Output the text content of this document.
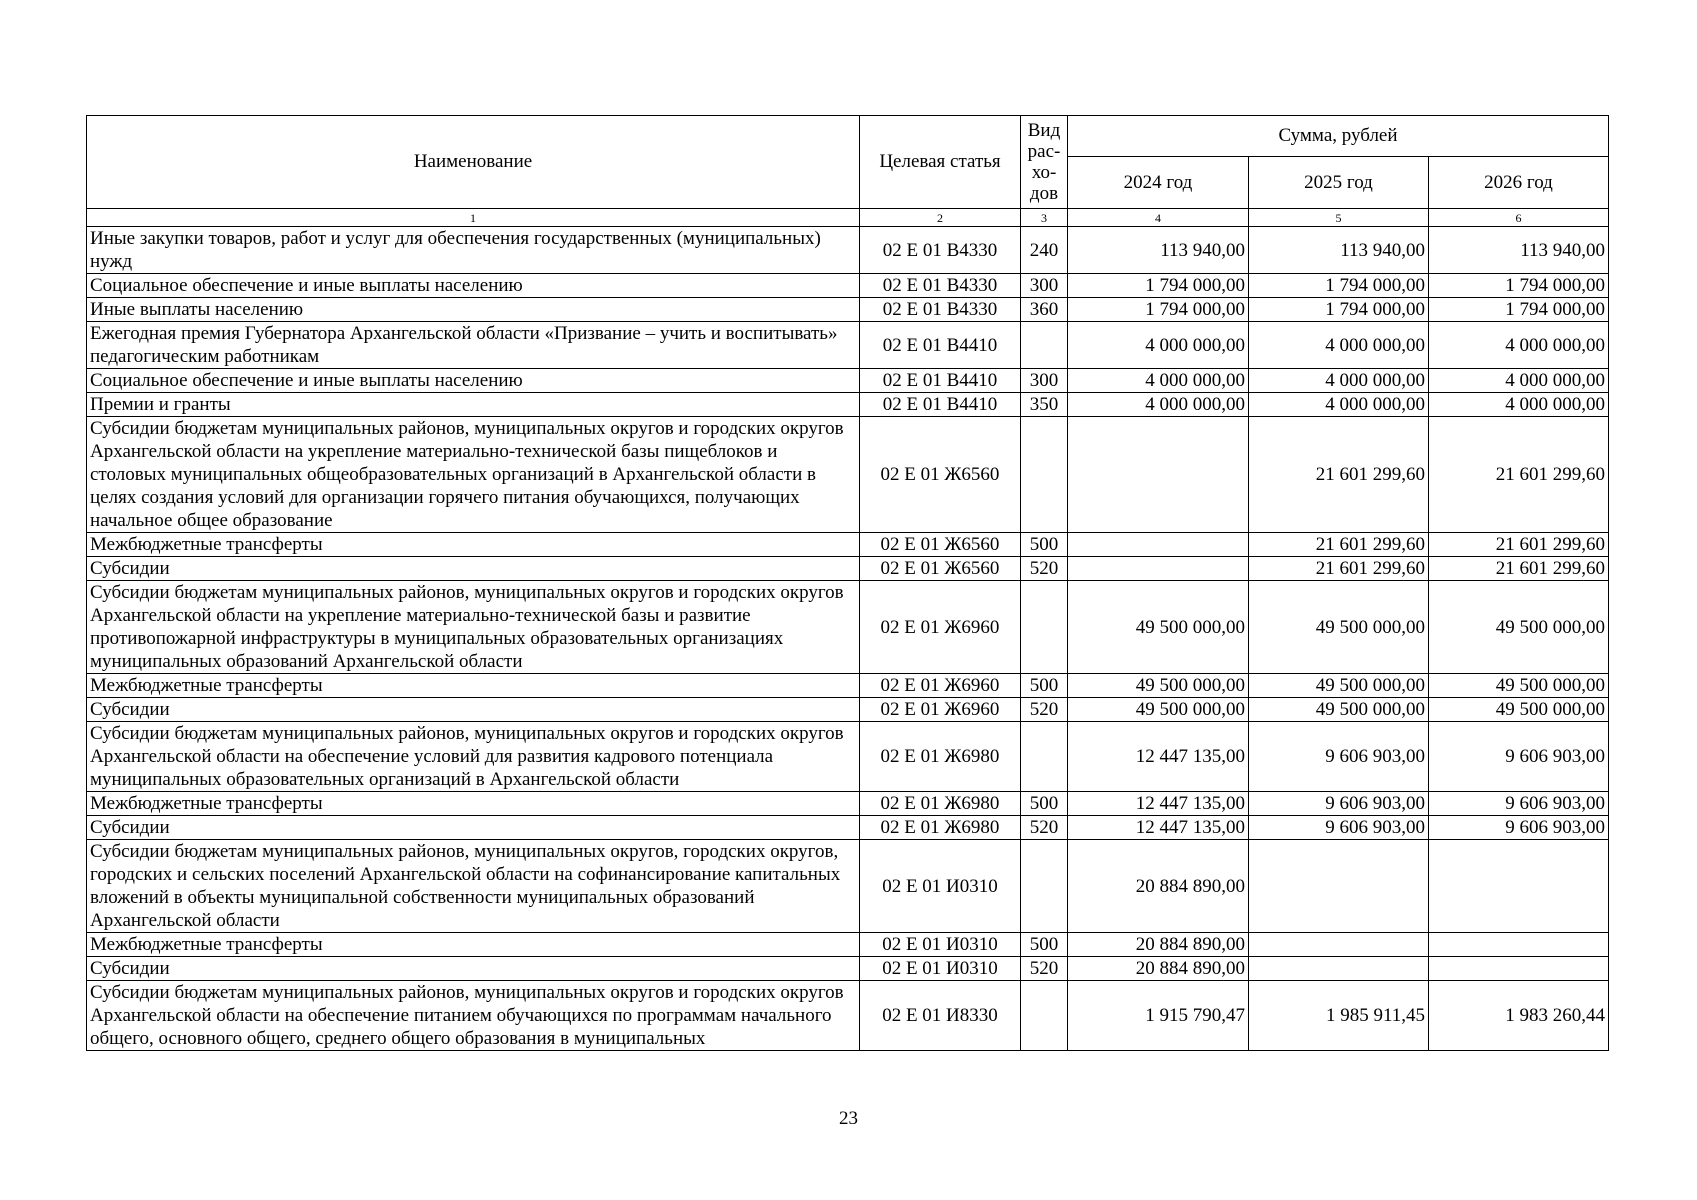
Наименование	Целевая статья	Вид
рас-
хо-
дов	Сумма, рублей		
			2024 год	2025 год	2026 год
1	2	3	4	5	6
Иные закупки товаров, работ и услуг для обеспечения государственных (муниципальных) нужд	02 Е 01 В4330	240	113 940,00	113 940,00	113 940,00
Социальное обеспечение и иные выплаты населению	02 Е 01 В4330	300	1 794 000,00	1 794 000,00	1 794 000,00
Иные выплаты населению	02 Е 01 В4330	360	1 794 000,00	1 794 000,00	1 794 000,00
Ежегодная премия Губернатора Архангельской области «Призвание – учить и воспитывать» педагогическим работникам	02 Е 01 В4410		4 000 000,00	4 000 000,00	4 000 000,00
Социальное обеспечение и иные выплаты населению	02 Е 01 В4410	300	4 000 000,00	4 000 000,00	4 000 000,00
Премии и гранты	02 Е 01 В4410	350	4 000 000,00	4 000 000,00	4 000 000,00
Субсидии бюджетам муниципальных районов, муниципальных округов и городских округов Архангельской области на укрепление материально-технической базы пищеблоков и столовых муниципальных общеобразовательных организаций в Архангельской области в целях создания условий для организации горячего питания обучающихся, получающих начальное общее образование	02 Е 01 Ж6560			21 601 299,60	21 601 299,60
Межбюджетные трансферты	02 Е 01 Ж6560	500		21 601 299,60	21 601 299,60
Субсидии	02 Е 01 Ж6560	520		21 601 299,60	21 601 299,60
Субсидии бюджетам муниципальных районов, муниципальных округов и городских округов Архангельской области на укрепление материально-технической базы и развитие противопожарной инфраструктуры в муниципальных образовательных организациях муниципальных образований Архангельской области	02 Е 01 Ж6960		49 500 000,00	49 500 000,00	49 500 000,00
Межбюджетные трансферты	02 Е 01 Ж6960	500	49 500 000,00	49 500 000,00	49 500 000,00
Субсидии	02 Е 01 Ж6960	520	49 500 000,00	49 500 000,00	49 500 000,00
Субсидии бюджетам муниципальных районов, муниципальных округов и городских округов Архангельской области на обеспечение условий для развития кадрового потенциала муниципальных образовательных организаций в Архангельской области	02 Е 01 Ж6980		12 447 135,00	9 606 903,00	9 606 903,00
Межбюджетные трансферты	02 Е 01 Ж6980	500	12 447 135,00	9 606 903,00	9 606 903,00
Субсидии	02 Е 01 Ж6980	520	12 447 135,00	9 606 903,00	9 606 903,00
Субсидии бюджетам муниципальных районов, муниципальных округов, городских округов, городских и сельских поселений Архангельской области на софинансирование капитальных вложений в объекты муниципальной собственности муниципальных образований Архангельской области	02 Е 01 И0310		20 884 890,00		
Межбюджетные трансферты	02 Е 01 И0310	500	20 884 890,00		
Субсидии	02 Е 01 И0310	520	20 884 890,00		
Субсидии бюджетам муниципальных районов, муниципальных округов и городских округов Архангельской области на обеспечение питанием обучающихся по программам начального общего, основного общего, среднего общего образования в муниципальных	02 Е 01 И8330		1 915 790,47	1 985 911,45	1 983 260,44
23
